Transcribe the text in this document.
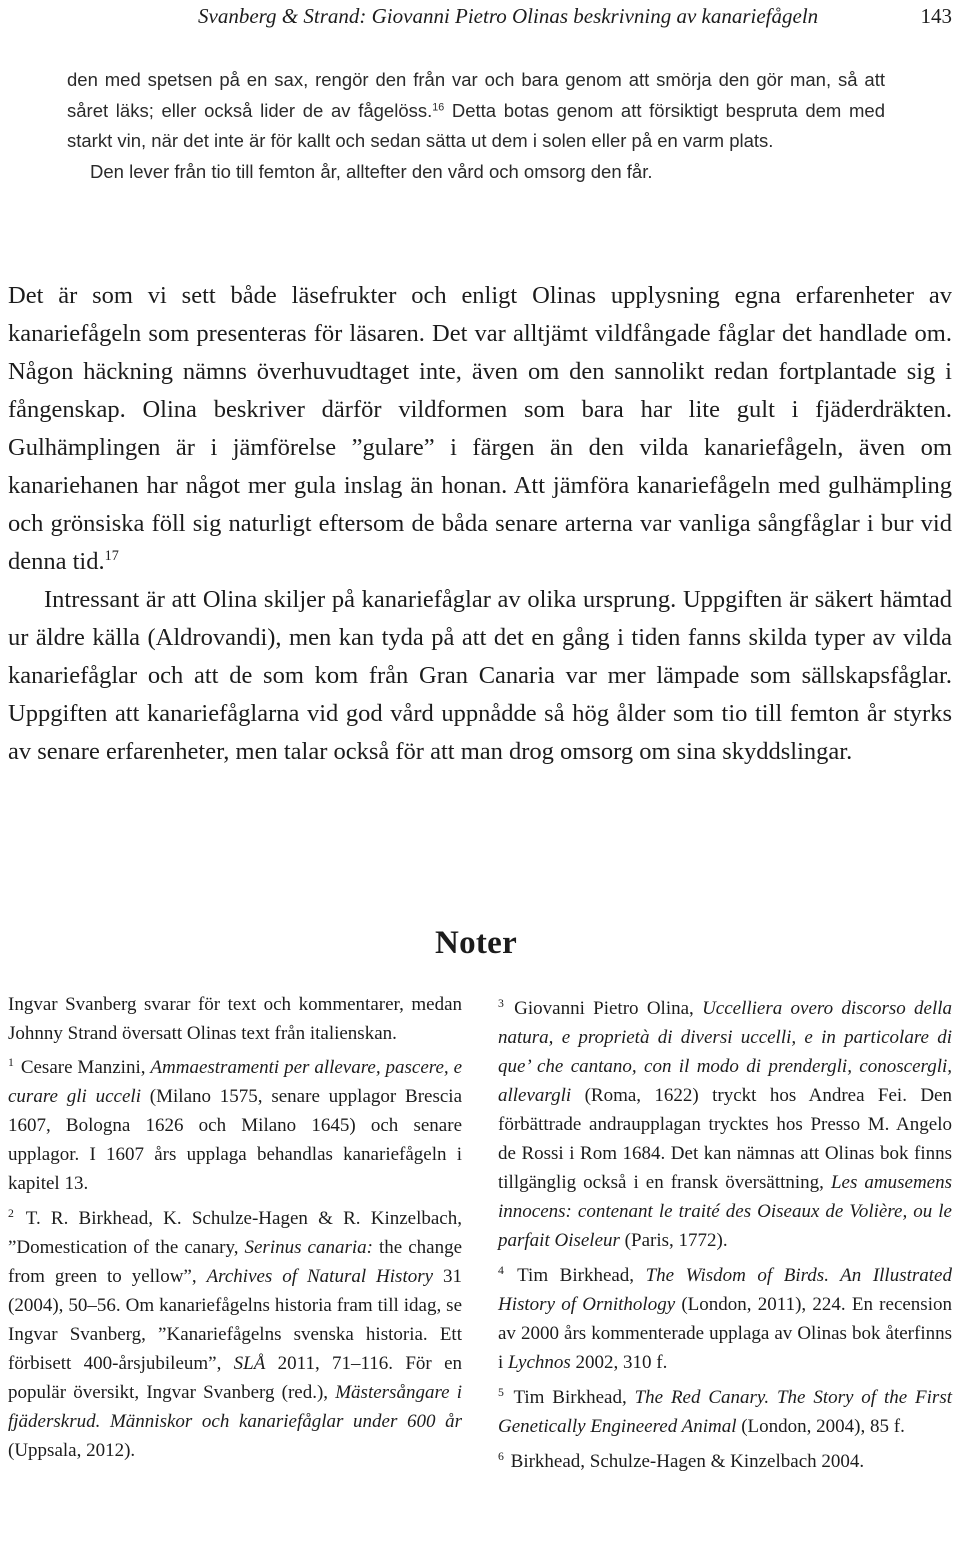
Svanberg & Strand: Giovanni Pietro Olinas beskrivning av kanariefågeln	143

den med spetsen på en sax, rengör den från var och bara genom att smörja den gör man, så att såret läks; eller också lider de av fågelöss.$^{16}$ Detta botas genom att försiktigt bespruta dem med starkt vin, när det inte är för kallt och sedan sätta ut dem i solen eller på en varm plats.
Den lever från tio till femton år, alltefter den vård och omsorg den får.

Det är som vi sett både läsefrukter och enligt Olinas upplysning egna erfarenheter av kanariefågeln som presenteras för läsaren. Det var alltjämt vildfångade fåglar det handlade om. Någon häckning nämns överhuvudtaget inte, även om den sannolikt redan fortplantade sig i fångenskap. Olina beskriver därför vildformen som bara har lite gult i fjäderdräkten. Gulhämplingen är i jämförelse ”gulare” i färgen än den vilda kanariefågeln, även om kanariehanen har något mer gula inslag än honan. Att jämföra kanariefågeln med gulhämpling och grönsiska föll sig naturligt eftersom de båda senare arterna var vanliga sångfåglar i bur vid denna tid.$^{17}$
Intressant är att Olina skiljer på kanariefåglar av olika ursprung. Uppgiften är säkert hämtad ur äldre källa (Aldrovandi), men kan tyda på att det en gång i tiden fanns skilda typer av vilda kanariefåglar och att de som kom från Gran Canaria var mer lämpade som sällskapsfåglar. Uppgiften att kanariefåglarna vid god vård uppnådde så hög ålder som tio till femton år styrks av senare erfarenheter, men talar också för att man drog omsorg om sina skyddslingar.

Noter
Ingvar Svanberg svarar för text och kommentarer, medan Johnny Strand översatt Olinas text från italienskan.
$^1$ Cesare Manzini, Ammaestramenti per allevare, pascere, e curare gli ucceli (Milano 1575, senare upplagor Brescia 1607, Bologna 1626 och Milano 1645) och senare upplagor. I 1607 års upplaga behandlas kanariefågeln i kapitel 13.
$^2$ T. R. Birkhead, K. Schulze-Hagen & R. Kinzelbach, ”Domestication of the canary, Serinus canaria: the change from green to yellow”, Archives of Natural History 31 (2004), 50–56. Om kanariefågelns historia fram till idag, se Ingvar Svanberg, ”Kanariefågelns svenska historia. Ett förbisett 400-årsjubileum”, SLÅ 2011, 71–116. För en populär översikt, Ingvar Svanberg (red.), Mästersångare i fjäderskrud. Människor och kanariefåglar under 600 år (Uppsala, 2012).
$^3$ Giovanni Pietro Olina, Uccelliera overo discorso della natura, e proprietà di diversi uccelli, e in particolare di que’ che cantano, con il modo di prendergli, conoscergli, allevargli (Roma, 1622) tryckt hos Andrea Fei. Den förbättrade andraupplagan trycktes hos Presso M. Angelo de Rossi i Rom 1684. Det kan nämnas att Olinas bok finns tillgänglig också i en fransk översättning, Les amusemens innocens: contenant le traité des Oiseaux de Volière, ou le parfait Oiseleur (Paris, 1772).
$^4$ Tim Birkhead, The Wisdom of Birds. An Illustrated History of Ornithology (London, 2011), 224. En recension av 2000 års kommenterade upplaga av Olinas bok återfinns i Lychnos 2002, 310 f.
$^5$ Tim Birkhead, The Red Canary. The Story of the First Genetically Engineered Animal (London, 2004), 85 f.
$^6$ Birkhead, Schulze-Hagen & Kinzelbach 2004.
